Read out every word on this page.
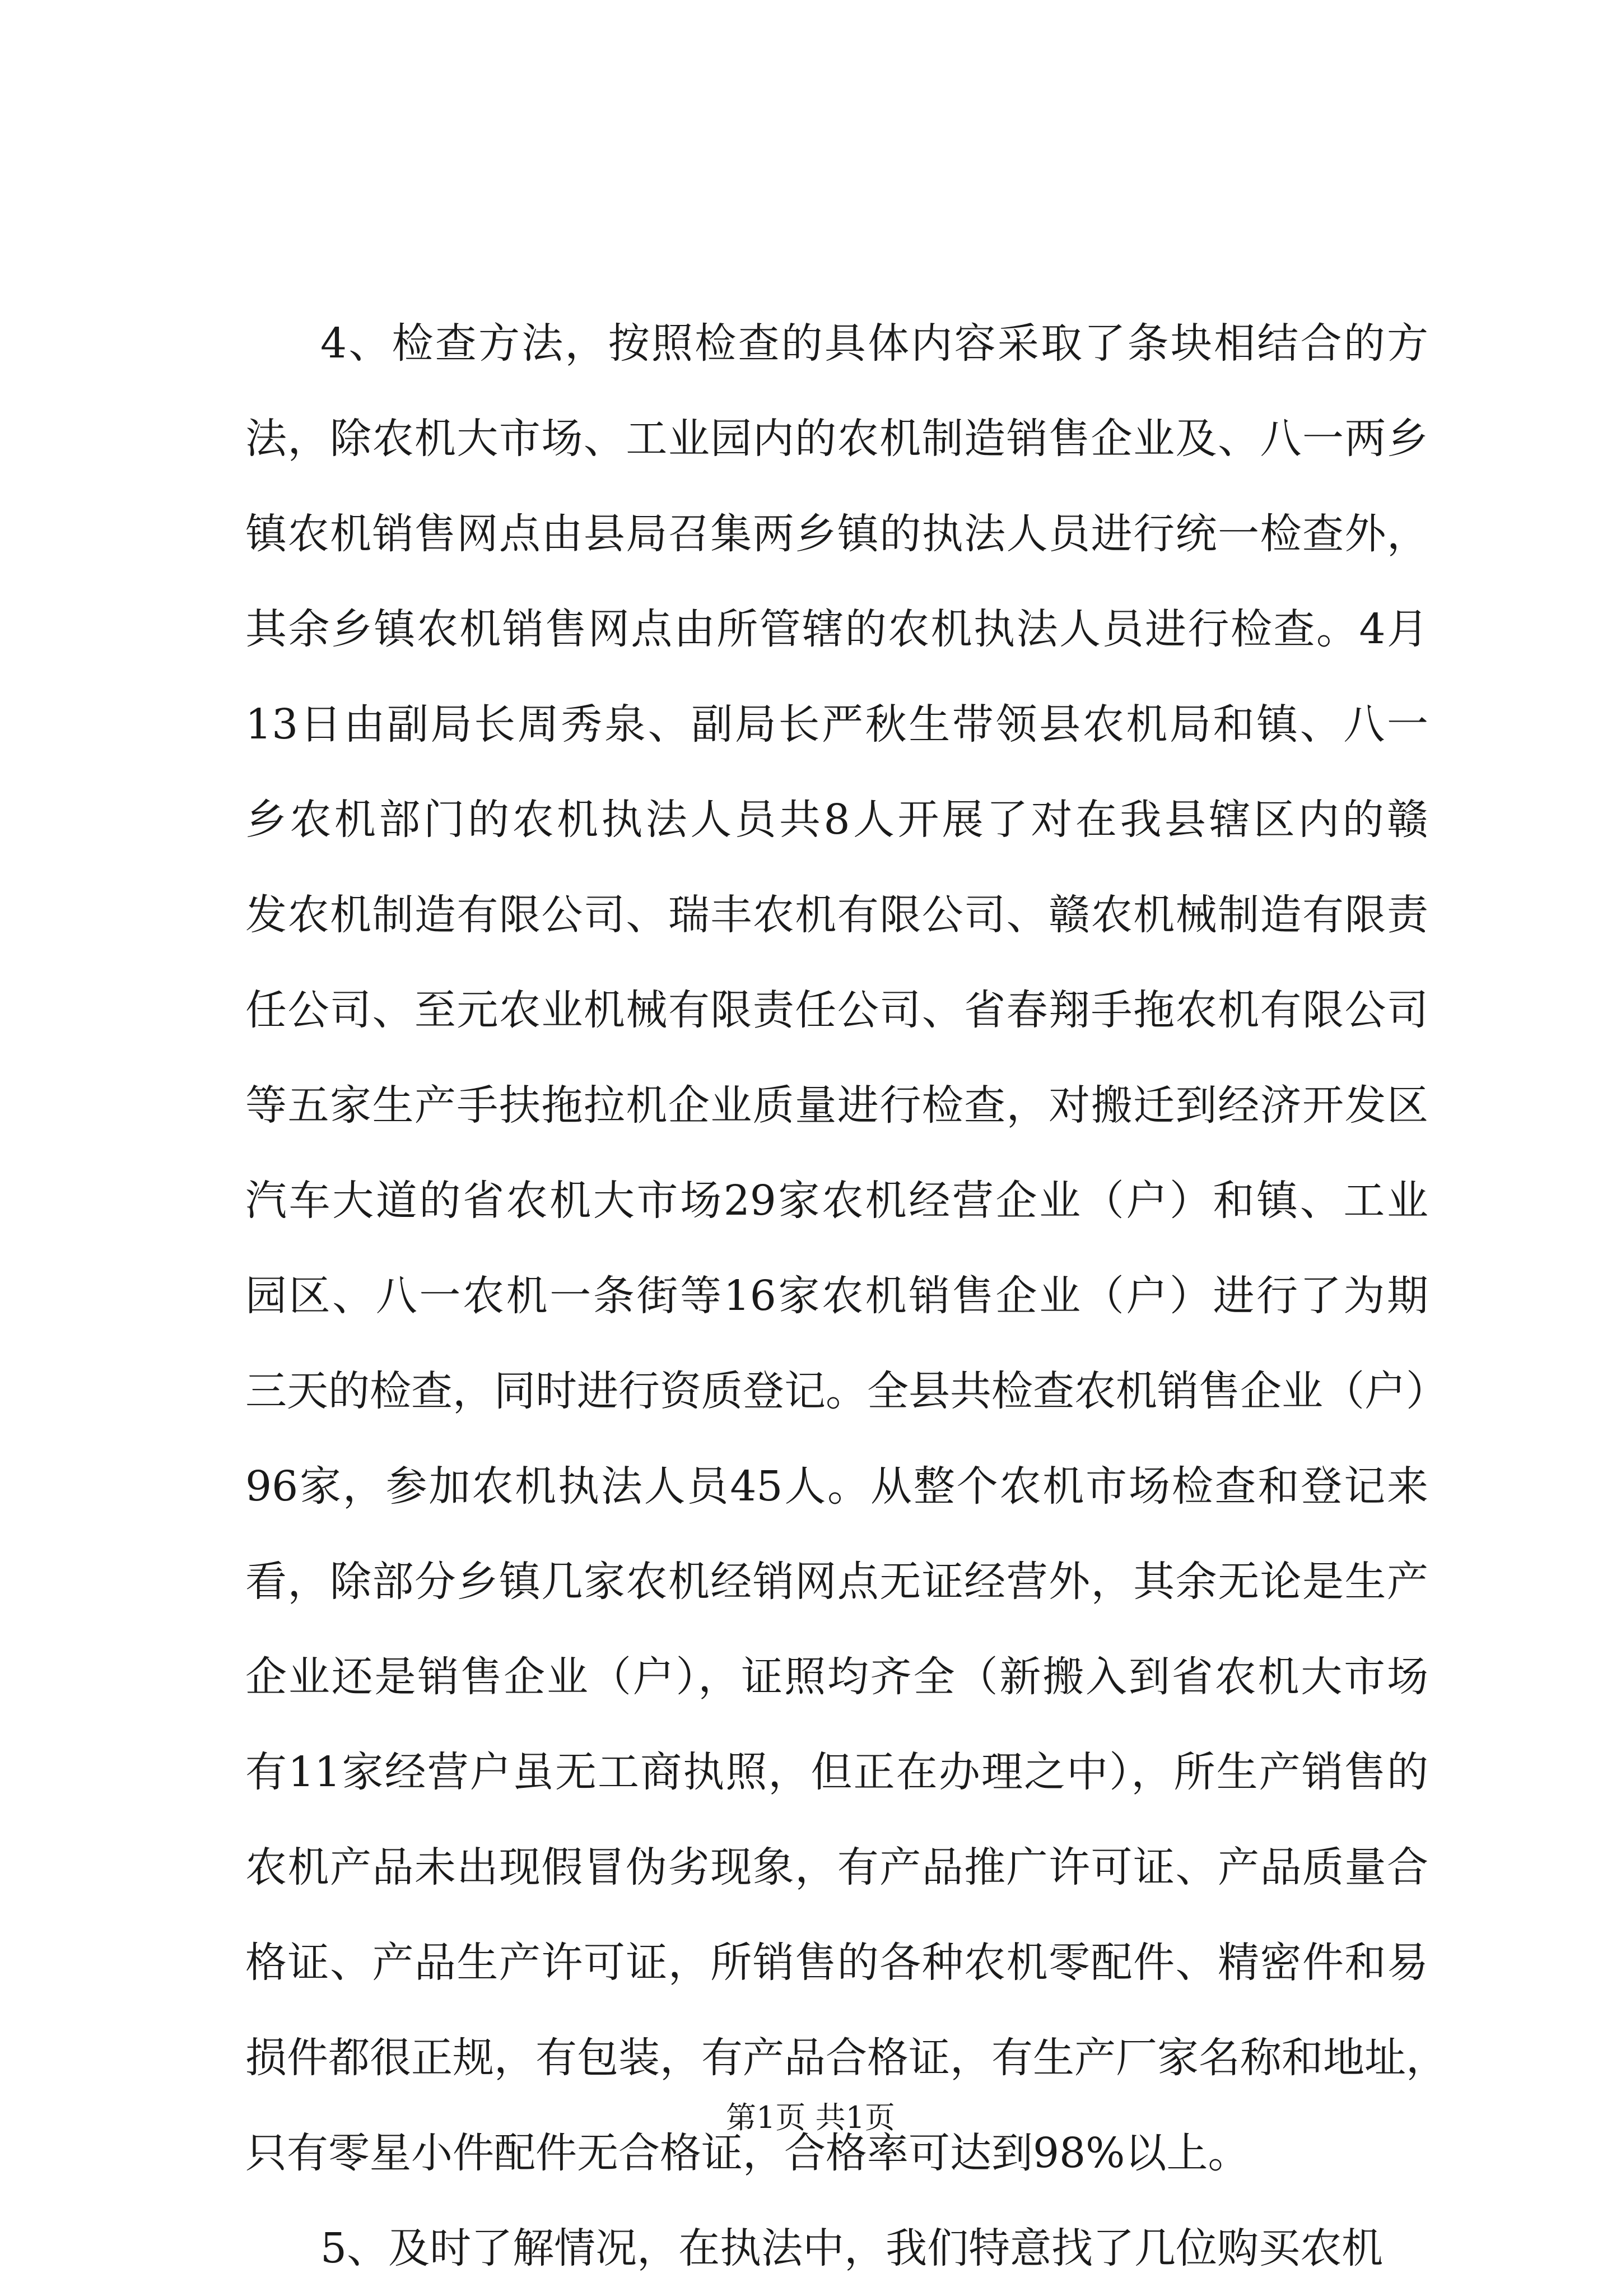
4、检查方法，按照检查的具体内容采取了条块相结合的方
法，除农机大市场、工业园内的农机制造销售企业及、八一两乡
镇农机销售网点由县局召集两乡镇的执法人员进行统一检查外，
其余乡镇农机销售网点由所管辖的农机执法人员进行检查。4月
13日由副局长周秀泉、副局长严秋生带领县农机局和镇、八一
乡农机部门的农机执法人员共8人开展了对在我县辖区内的赣
发农机制造有限公司、瑞丰农机有限公司、赣农机械制造有限责
任公司、至元农业机械有限责任公司、省春翔手拖农机有限公司
等五家生产手扶拖拉机企业质量进行检查，对搬迁到经济开发区
汽车大道的省农机大市场29家农机经营企业（户）和镇、工业
园区、八一农机一条街等16家农机销售企业（户）进行了为期
三天的检查，同时进行资质登记。全县共检查农机销售企业（户）
96家，参加农机执法人员45人。从整个农机市场检查和登记来
看，除部分乡镇几家农机经销网点无证经营外，其余无论是生产
企业还是销售企业（户），证照均齐全（新搬入到省农机大市场
有11家经营户虽无工商执照，但正在办理之中），所生产销售的
农机产品未出现假冒伪劣现象，有产品推广许可证、产品质量合
格证、产品生产许可证，所销售的各种农机零配件、精密件和易
损件都很正规，有包装，有产品合格证，有生产厂家名称和地址，
只有零星小件配件无合格证，合格率可达到98%以上。
5、及时了解情况，在执法中，我们特意找了几位购买农机
第1页 共1页
